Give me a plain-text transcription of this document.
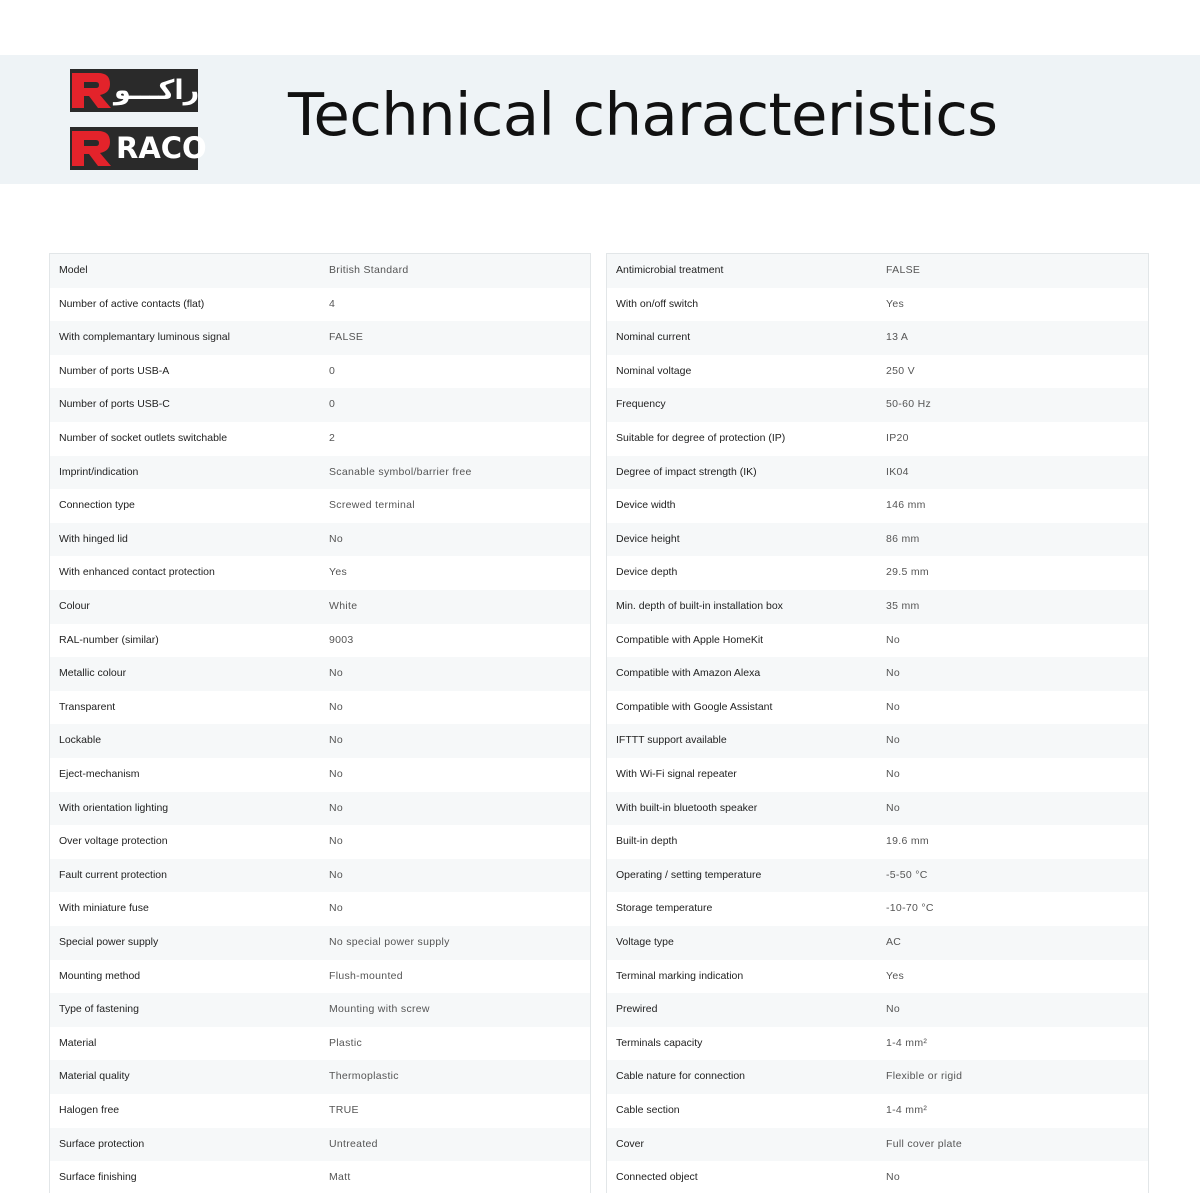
راكـــو
RACO Technical characteristics
Model	British Standard
Number of active contacts (flat)	4
With complemantary luminous signal	FALSE
Number of ports USB-A	0
Number of ports USB-C	0
Number of socket outlets switchable	2
Imprint/indication	Scanable symbol/barrier free
Connection type	Screwed terminal
With hinged lid	No
With enhanced contact protection	Yes
Colour	White
RAL-number (similar)	9003
Metallic colour	No
Transparent	No
Lockable	No
Eject-mechanism	No
With orientation lighting	No
Over voltage protection	No
Fault current protection	No
With miniature fuse	No
Special power supply	No special power supply
Mounting method	Flush-mounted
Type of fastening	Mounting with screw
Material	Plastic
Material quality	Thermoplastic
Halogen free	TRUE
Surface protection	Untreated
Surface finishing	Matt
Antimicrobial treatment	FALSE
With on/off switch	Yes
Nominal current	13 A
Nominal voltage	250 V
Frequency	50-60 Hz
Suitable for degree of protection (IP)	IP20
Degree of impact strength (IK)	IK04
Device width	146 mm
Device height	86 mm
Device depth	29.5 mm
Min. depth of built-in installation box	35 mm
Compatible with Apple HomeKit	No
Compatible with Amazon Alexa	No
Compatible with Google Assistant	No
IFTTT support available	No
With Wi-Fi signal repeater	No
With built-in bluetooth speaker	No
Built-in depth	19.6 mm
Operating / setting temperature	-5-50 °C
Storage temperature	-10-70 °C
Voltage type	AC
Terminal marking indication	Yes
Prewired	No
Terminals capacity	1-4 mm²
Cable nature for connection	Flexible or rigid
Cable section	1-4 mm²
Cover	Full cover plate
Connected object	No
